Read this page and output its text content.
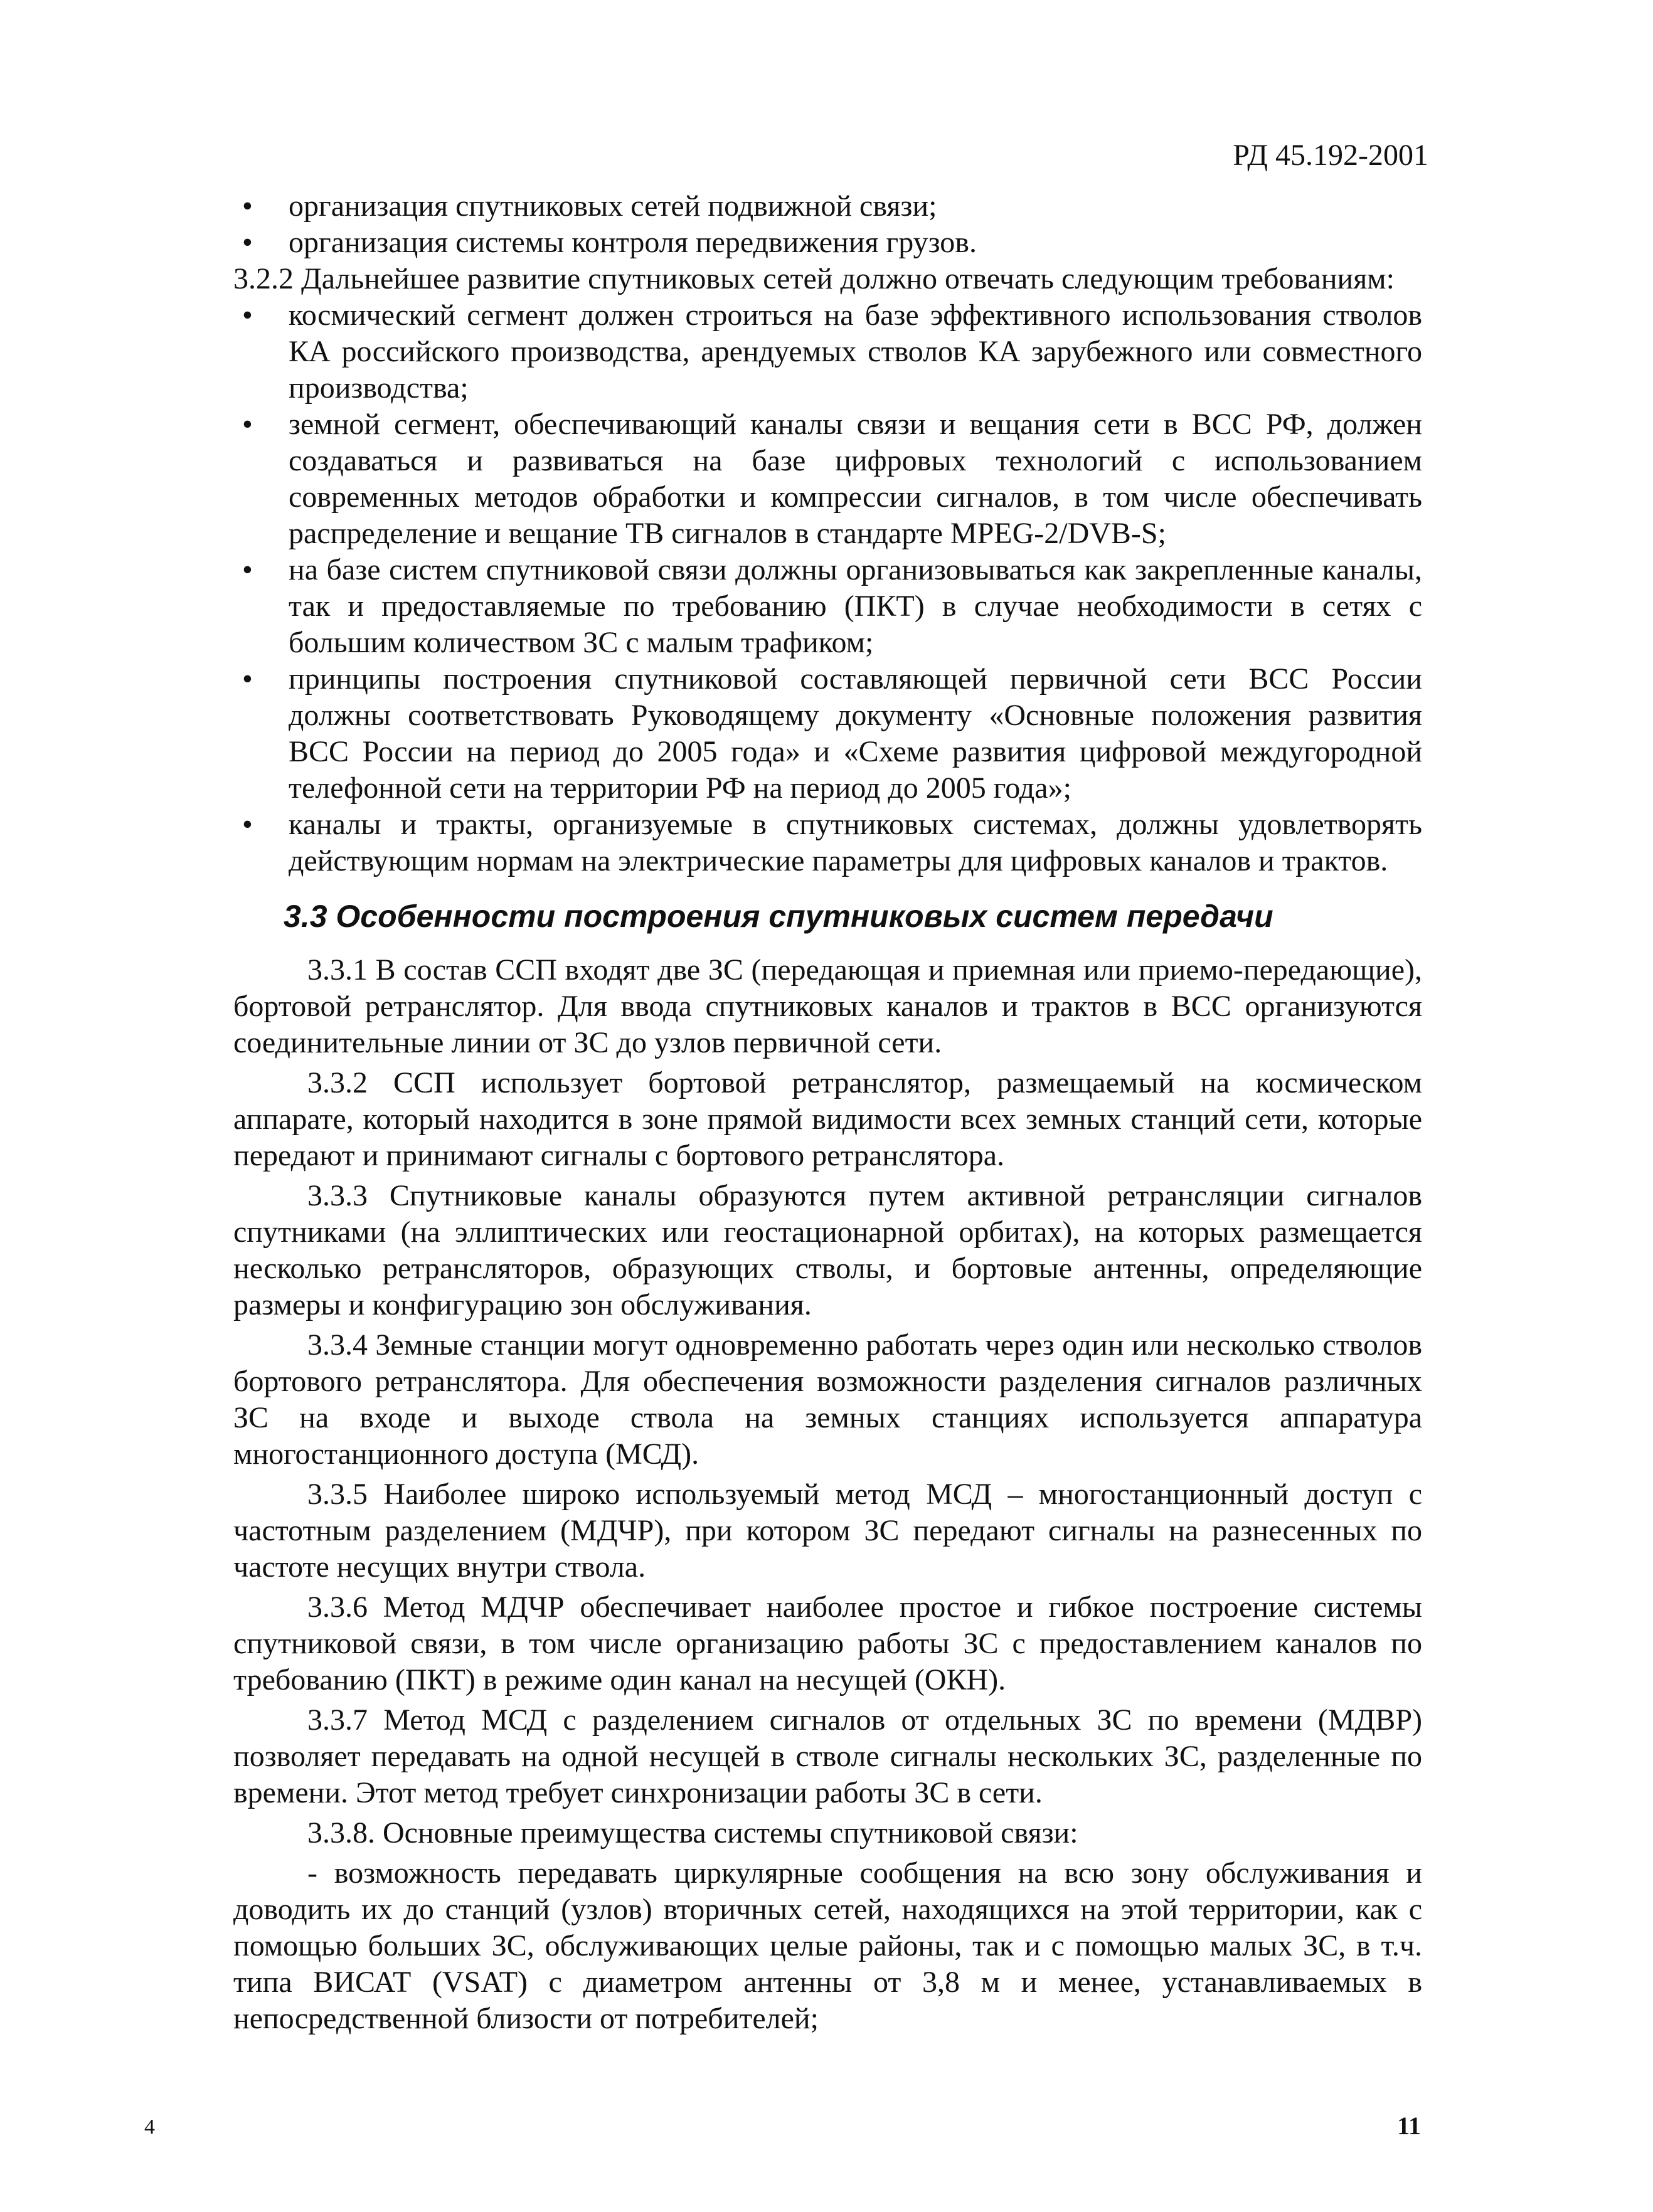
РД 45.192-2001
• организация спутниковых сетей подвижной связи;
• организация системы контроля передвижения грузов.

3.2.2 Дальнейшее развитие спутниковых сетей должно отвечать следующим требованиям:

• космический сегмент должен строиться на базе эффективного использования стволов КА российского производства, арендуемых стволов КА зарубежного или совместного производства;
• земной сегмент, обеспечивающий каналы связи и вещания сети в ВСС РФ, должен создаваться и развиваться на базе цифровых технологий с использованием современных методов обработки и компрессии сигналов, в том числе обеспечивать распределение и вещание ТВ сигналов в стандарте MPEG-2/DVB-S;
• на базе систем спутниковой связи должны организовываться как закрепленные каналы, так и предоставляемые по требованию (ПКТ) в случае необходимости в сетях с большим количеством ЗС с малым трафиком;
• принципы построения спутниковой составляющей первичной сети ВСС России должны соответствовать Руководящему документу «Основные положения развития ВСС России на период до 2005 года» и «Схеме развития цифровой междугородной телефонной сети на территории РФ на период до 2005 года»;
• каналы и тракты, организуемые в спутниковых системах, должны удовлетворять действующим нормам на электрические параметры для цифровых каналов и трактов.
3.3 Особенности построения спутниковых систем передачи

3.3.1 В состав ССП входят две ЗС (передающая и приемная или приемо-передающие), бортовой ретранслятор. Для ввода спутниковых каналов и трактов в ВСС организуются соединительные линии от ЗС до узлов первичной сети.

3.3.2 ССП использует бортовой ретранслятор, размещаемый на космическом аппарате, который находится в зоне прямой видимости всех земных станций сети, которые передают и принимают сигналы с бортового ретранслятора.

3.3.3 Спутниковые каналы образуются путем активной ретрансляции сигналов спутниками (на эллиптических или геостационарной орбитах), на которых размещается несколько ретрансляторов, образующих стволы, и бортовые антенны, определяющие размеры и конфигурацию зон обслуживания.

3.3.4 Земные станции могут одновременно работать через один или несколько стволов бортового ретранслятора. Для обеспечения возможности разделения сигналов различных ЗС на входе и выходе ствола на земных станциях используется аппаратура многостанционного доступа (МСД).

3.3.5 Наиболее широко используемый метод МСД – многостанционный доступ с частотным разделением (МДЧР), при котором ЗС передают сигналы на разнесенных по частоте несущих внутри ствола.

3.3.6 Метод МДЧР обеспечивает наиболее простое и гибкое построение системы спутниковой связи, в том числе организацию работы ЗС с предоставлением каналов по требованию (ПКТ) в режиме один канал на несущей (ОКН).

3.3.7 Метод МСД с разделением сигналов от отдельных ЗС по времени (МДВР) позволяет передавать на одной несущей в стволе сигналы нескольких ЗС, разделенные по времени. Этот метод требует синхронизации работы ЗС в сети.

3.3.8. Основные преимущества системы спутниковой связи:

- возможность передавать циркулярные сообщения на всю зону обслуживания и доводить их до станций (узлов) вторичных сетей, находящихся на этой территории, как с помощью больших ЗС, обслуживающих целые районы, так и с помощью малых ЗС, в т.ч. типа ВИСАТ (VSAT) с диаметром антенны от 3,8 м и менее, устанавливаемых в непосредственной близости от потребителей;

4	11
